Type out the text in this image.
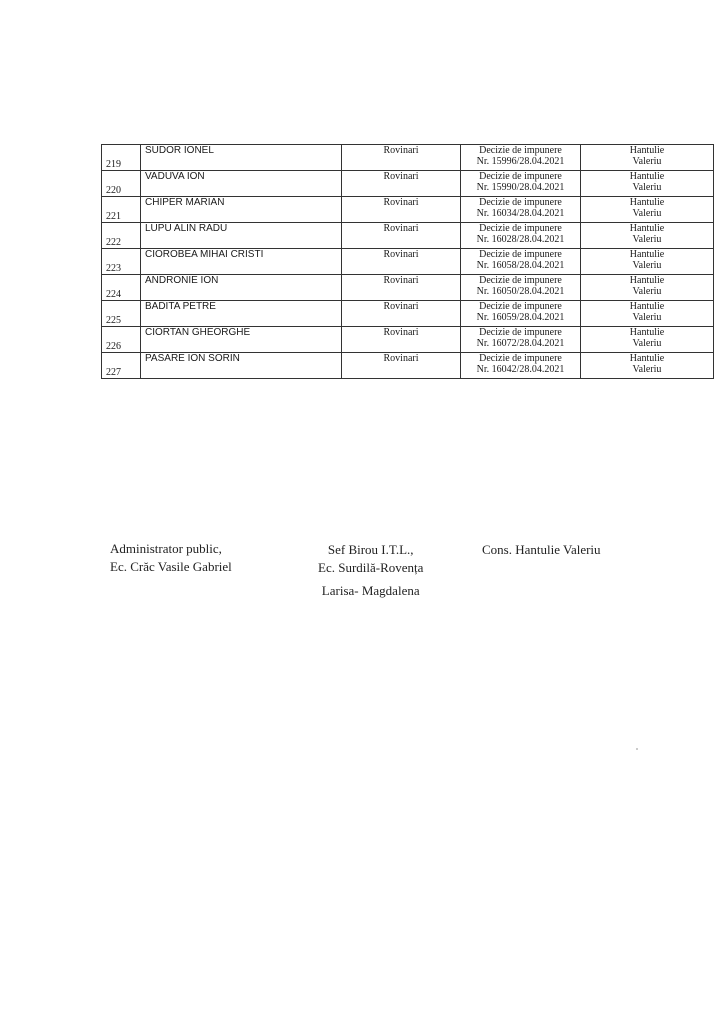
219	SUDOR IONEL	Rovinari	Decizie de impunere
Nr. 15996/28.04.2021	Hantulie
Valeriu

220	VADUVA ION	Rovinari	Decizie de impunere
Nr. 15990/28.04.2021	Hantulie
Valeriu

221	CHIPER MARIAN	Rovinari	Decizie de impunere
Nr. 16034/28.04.2021	Hantulie
Valeriu

222	LUPU ALIN RADU	Rovinari	Decizie de impunere
Nr. 16028/28.04.2021	Hantulie
Valeriu

223	CIOROBEA MIHAI CRISTI	Rovinari	Decizie de impunere
Nr. 16058/28.04.2021	Hantulie
Valeriu

224	ANDRONIE ION	Rovinari	Decizie de impunere
Nr. 16050/28.04.2021	Hantulie
Valeriu

225	BADITA PETRE	Rovinari	Decizie de impunere
Nr. 16059/28.04.2021	Hantulie
Valeriu

226	CIORTAN GHEORGHE	Rovinari	Decizie de impunere
Nr. 16072/28.04.2021	Hantulie
Valeriu

227	PASARE ION SORIN	Rovinari	Decizie de impunere
Nr. 16042/28.04.2021	Hantulie
Valeriu
Administrator public,
Ec. Crăc Vasile Gabriel
Sef Birou I.T.L.,
Ec. Surdilă-Rovența
Larisa- Magdalena
Cons. Hantulie Valeriu
